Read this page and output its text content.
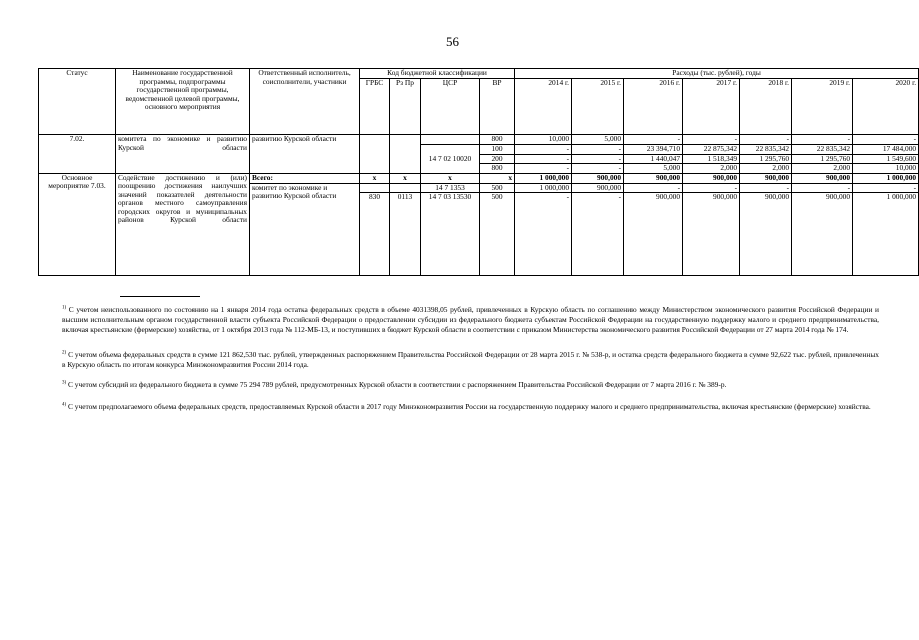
56
Статус	Наименование государственной программы, подпрограммы государственной программы, ведомственной целевой программы, основного мероприятия	Ответственный исполнитель, соисполнители, участники	Код бюджетной классификации				Расходы (тыс. рублей), годы						
			ГРБС	Рз Пр	ЦСР	ВР	2014 г.	2015 г.	2016 г.	2017 г.	2018 г.	2019 г.	2020 г.
7.02.	комитета по экономике и развитию Курской области	развитию Курской области				800	10,000	5,000	-	-	-	-	-
					14 7 02 10020	100	-	-	23 394,710	22 875,342	22 835,342	22 835,342	17 484,000
						200	-	-	1 440,047	1 518,349	1 295,760	1 295,760	1 549,600
						800	-	-	5,000	2,000	2,000	2,000	10,000
Основное мероприятие 7.03.	Содействие достижению и (или) поощрению достижения наилучших значений показателей деятельности органов местного самоуправления городских округов и муниципальных районов Курской области	Всего:	х	х	х	х	1 000,000	900,000	900,000	900,000	900,000	900,000	1 000,000
		комитет по экономике и развитию Курской области			14 7 1353	500	1 000,000	900,000	-	-	-	-	-
			830	0113	14 7 03 13530	500	-	-	900,000	900,000	900,000	900,000	1 000,000
$^{1)}$ С учетом неиспользованного по состоянию на 1 января 2014 года остатка федеральных средств в объеме 4031398,05 рублей, привлеченных в Курскую область по соглашению между Министерством экономического развития Российской Федерации и высшим исполнительным органом государственной власти субъекта Российской Федерации о предоставлении субсидии из федерального бюджета субъектам Российской Федерации на государственную поддержку малого и среднего предпринимательства, включая крестьянские (фермерские) хозяйства, от 1 октября 2013 года № 112-МБ-13, и поступивших в бюджет Курской области в соответствии с приказом Министерства экономического развития Российской Федерации от 27 марта 2014 года № 174.
$^{2)}$ С учетом объема федеральных средств в сумме 121 862,530 тыс. рублей, утвержденных распоряжением Правительства Российской Федерации от 28 марта 2015 г. № 538-р, и остатка средств федерального бюджета в сумме 92,622 тыс. рублей, привлеченных в Курскую область по итогам конкурса Минэкономразвития России 2014 года.
$^{3)}$ С учетом субсидий из федерального бюджета в сумме 75 294 789 рублей, предусмотренных Курской области в соответствии с распоряжением Правительства Российской Федерации от 7 марта 2016 г. № 389-р.
$^{4)}$ С учетом предполагаемого объема федеральных средств, предоставляемых Курской области в 2017 году Минэкономразвития России на государственную поддержку малого и среднего предпринимательства, включая крестьянские (фермерские) хозяйства.
